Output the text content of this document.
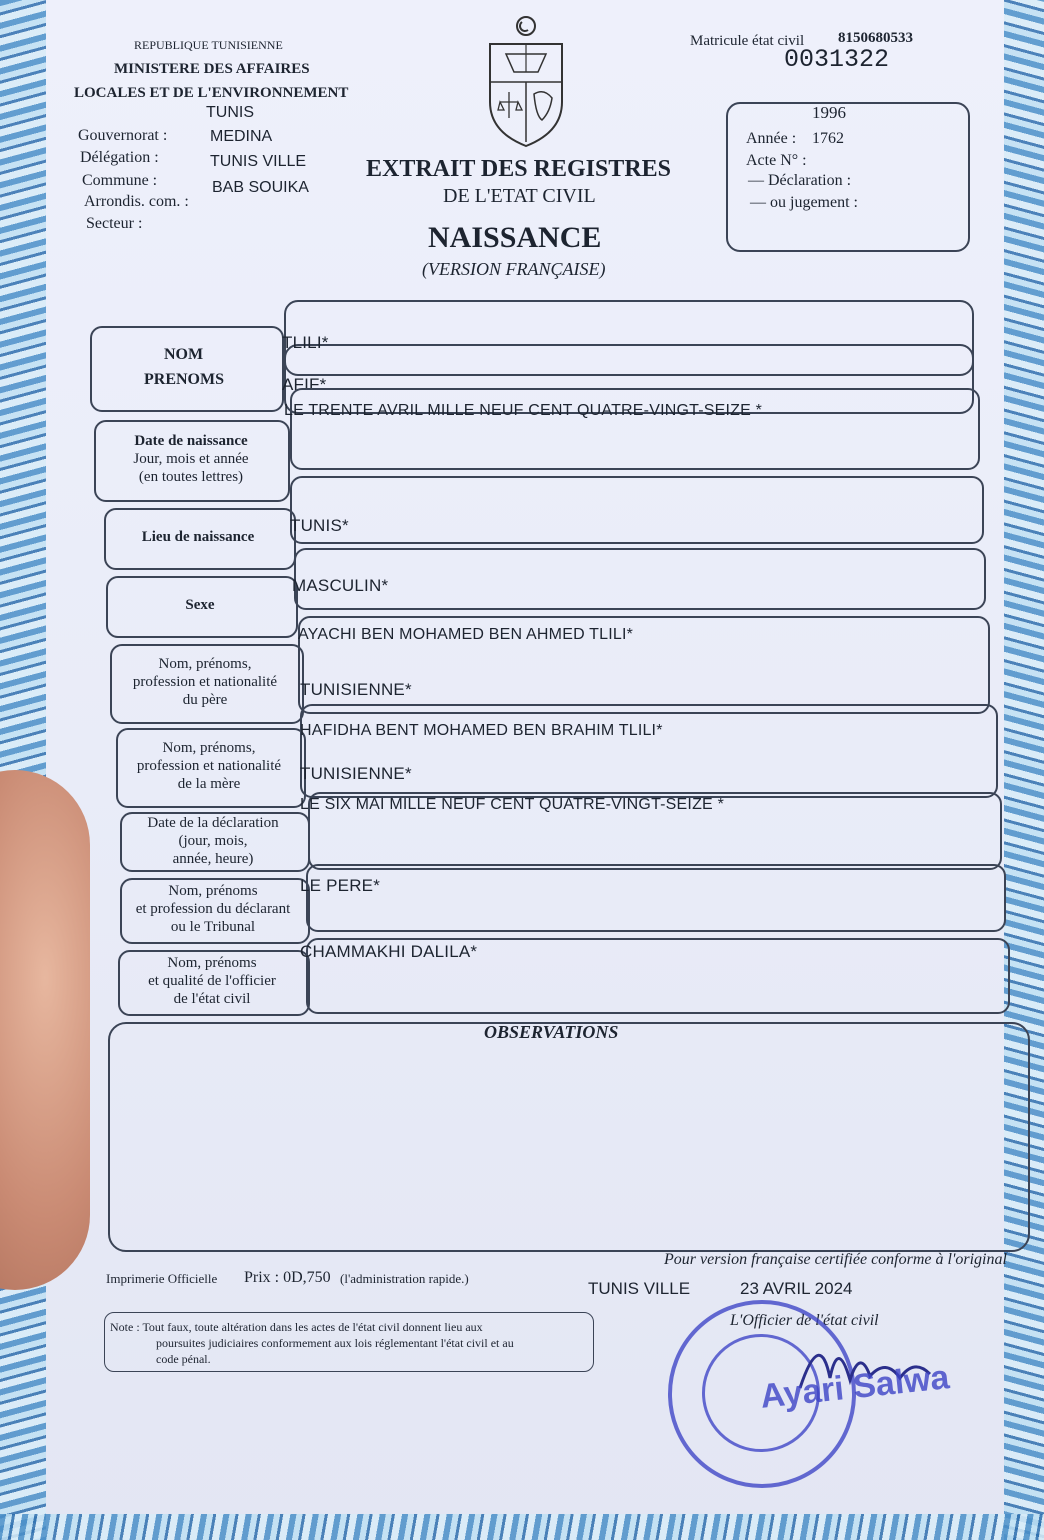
REPUBLIQUE TUNISIENNE
MINISTERE DES AFFAIRES
LOCALES ET DE L'ENVIRONNEMENT
Gouvernorat :
TUNIS
Délégation :
MEDINA
Commune :
TUNIS VILLE
Arrondis. com. :
BAB SOUIKA
Secteur :
EXTRAIT DES REGISTRES
DE L'ETAT CIVIL
NAISSANCE
(VERSION FRANÇAISE)
Matricule état civil 8150680533
0031322
1996
Année : 1762
Acte N° :
— Déclaration :
— ou jugement :
NOM
PRENOMS
TLILI*
AFIF*
Date de naissance
Jour, mois et année
(en toutes lettres)
LE TRENTE AVRIL MILLE NEUF CENT QUATRE-VINGT-SEIZE *
Lieu de naissance
TUNIS*
Sexe
MASCULIN*
Nom, prénoms,
profession et nationalité
du père
AYACHI BEN MOHAMED BEN AHMED TLILI*
TUNISIENNE*
Nom, prénoms,
profession et nationalité
de la mère
HAFIDHA BENT MOHAMED BEN BRAHIM TLILI*
TUNISIENNE*
Date de la déclaration
(jour, mois,
année, heure)
LE SIX MAI MILLE NEUF CENT QUATRE-VINGT-SEIZE *
Nom, prénoms
et profession du déclarant
ou le Tribunal
LE PERE*
Nom, prénoms
et qualité de l'officier
de l'état civil
CHAMMAKHI DALILA*
OBSERVATIONS
Pour version française certifiée conforme à l'original
Imprimerie Officielle Prix : 0D,750 (l'administration rapide.)
TUNIS VILLE	23 AVRIL 2024
L'Officier de l'état civil
Note : Tout faux, toute altération dans les actes de l'état civil donnent lieu aux
poursuites judiciaires conformement aux lois réglementant l'état civil et au
code pénal.	Ayari Salwa
